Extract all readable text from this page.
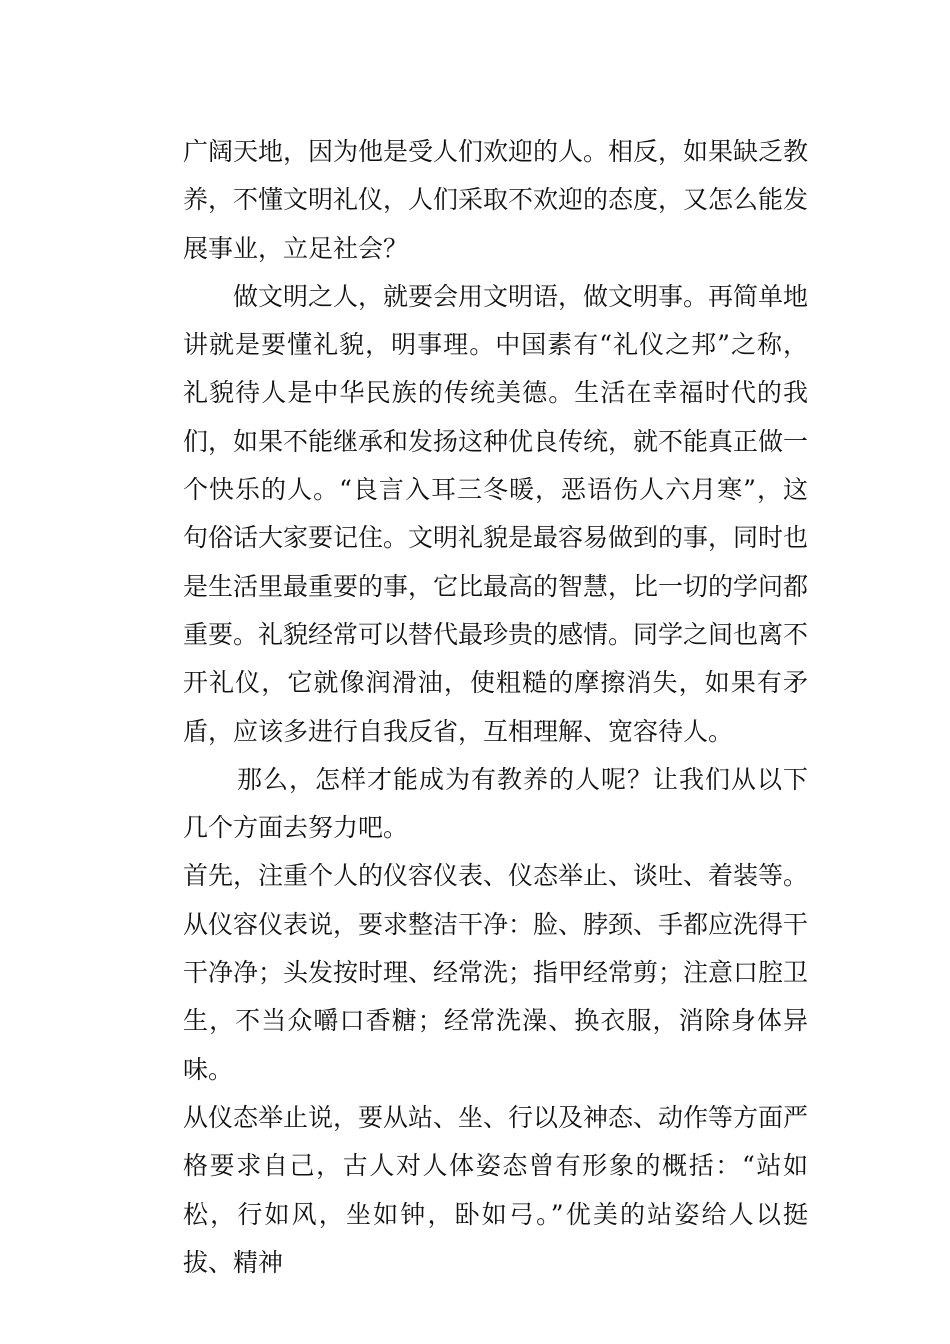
广阔天地，因为他是受人们欢迎的人。相反，如果缺乏教养，不懂文明礼仪，人们采取不欢迎的态度，又怎么能发展事业，立足社会？

做文明之人，就要会用文明语，做文明事。再简单地讲就是要懂礼貌，明事理。中国素有“礼仪之邦”之称，礼貌待人是中华民族的传统美德。生活在幸福时代的我们，如果不能继承和发扬这种优良传统，就不能真正做一个快乐的人。“良言入耳三冬暖，恶语伤人六月寒”，这句俗话大家要记住。文明礼貌是最容易做到的事，同时也是生活里最重要的事，它比最高的智慧，比一切的学问都重要。礼貌经常可以替代最珍贵的感情。同学之间也离不开礼仪，它就像润滑油，使粗糙的摩擦消失，如果有矛盾，应该多进行自我反省，互相理解、宽容待人。

那么，怎样才能成为有教养的人呢？让我们从以下几个方面去努力吧。

首先，注重个人的仪容仪表、仪态举止、谈吐、着装等。从仪容仪表说，要求整洁干净：脸、脖颈、手都应洗得干干净净；头发按时理、经常洗；指甲经常剪；注意口腔卫生，不当众嚼口香糖；经常洗澡、换衣服，消除身体异味。

从仪态举止说，要从站、坐、行以及神态、动作等方面严格要求自己，古人对人体姿态曾有形象的概括：“站如松，行如风，坐如钟，卧如弓。”优美的站姿给人以挺拔、精神
